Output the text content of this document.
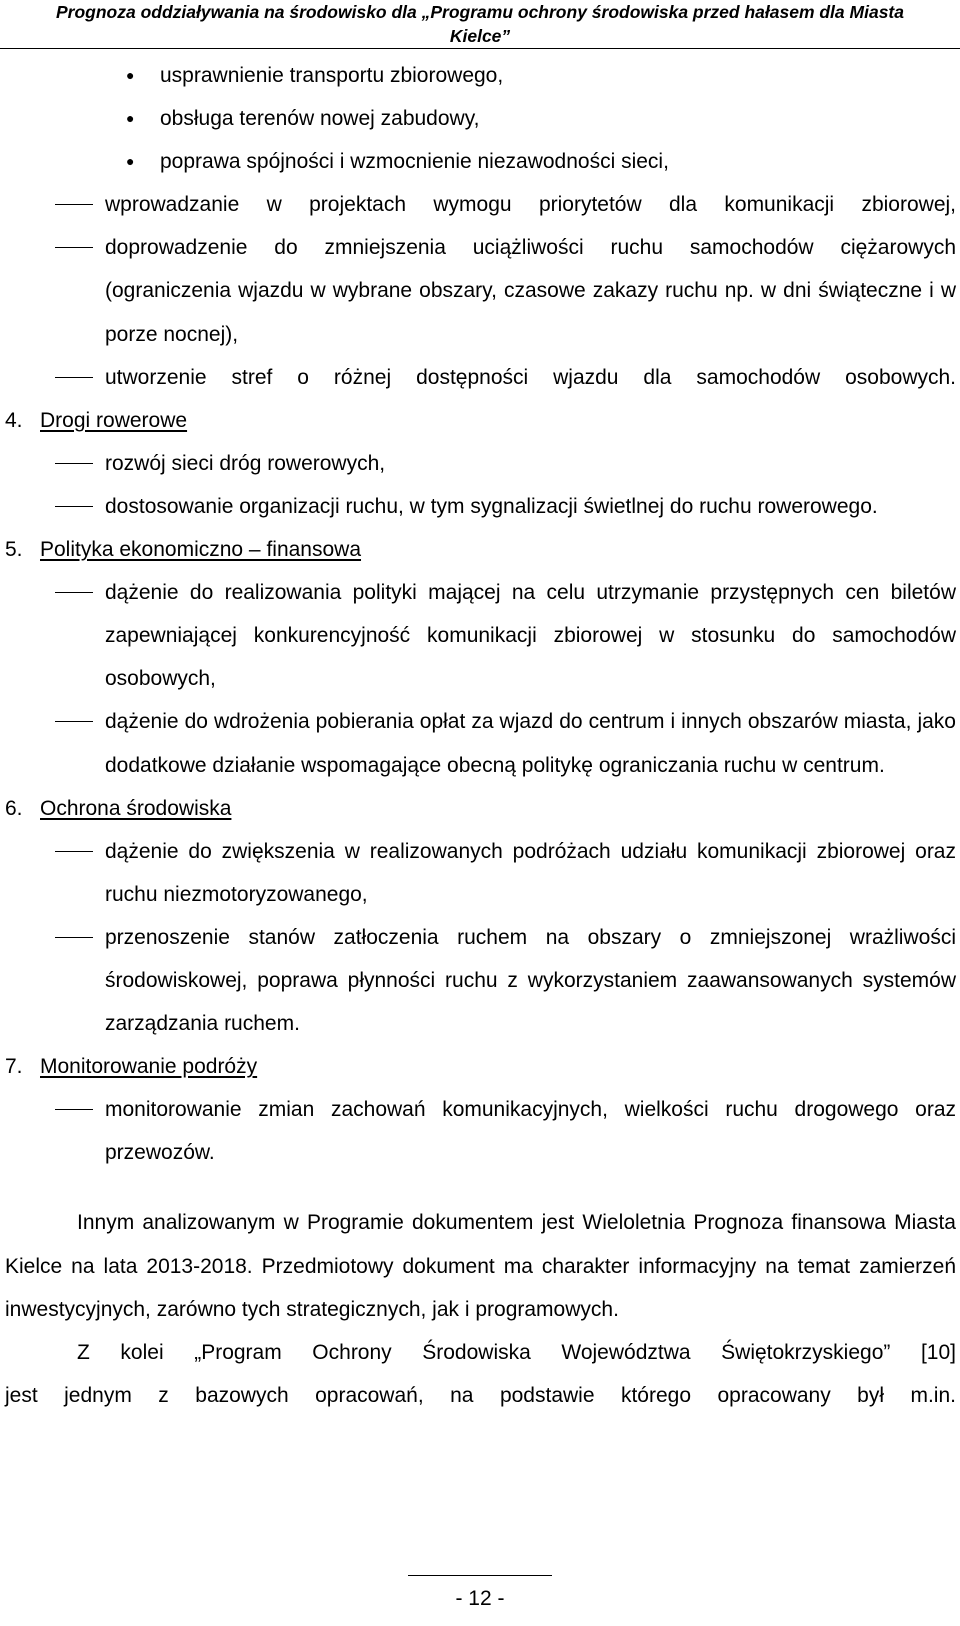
Prognoza oddziaływania na środowisko dla „Programu ochrony środowiska przed hałasem dla Miasta
Kielce”
● usprawnienie transportu zbiorowego,
● obsługa terenów nowej zabudowy,
● poprawa spójności i wzmocnienie niezawodności sieci,
wprowadzanie w projektach wymogu priorytetów dla komunikacji zbiorowej,
doprowadzenie do zmniejszenia uciążliwości ruchu samochodów ciężarowych (ograniczenia wjazdu w wybrane obszary, czasowe zakazy ruchu np. w dni świąteczne i w porze nocnej),
utworzenie stref o różnej dostępności wjazdu dla samochodów osobowych.
4. Drogi rowerowe
rozwój sieci dróg rowerowych,
dostosowanie organizacji ruchu, w tym sygnalizacji świetlnej do ruchu rowerowego.
5. Polityka ekonomiczno – finansowa
dążenie do realizowania polityki mającej na celu utrzymanie przystępnych cen biletów zapewniającej konkurencyjność komunikacji zbiorowej w stosunku do samochodów osobowych,
dążenie do wdrożenia pobierania opłat za wjazd do centrum i innych obszarów miasta, jako dodatkowe działanie wspomagające obecną politykę ograniczania ruchu w centrum.
6. Ochrona środowiska
dążenie do zwiększenia w realizowanych podróżach udziału komunikacji zbiorowej oraz ruchu niezmotoryzowanego,
przenoszenie stanów zatłoczenia ruchem na obszary o zmniejszonej wrażliwości środowiskowej, poprawa płynności ruchu z wykorzystaniem zaawansowanych systemów zarządzania ruchem.
7. Monitorowanie podróży
monitorowanie zmian zachowań komunikacyjnych, wielkości ruchu drogowego oraz przewozów.
Innym analizowanym w Programie dokumentem jest Wieloletnia Prognoza finansowa Miasta Kielce na lata 2013-2018. Przedmiotowy dokument ma charakter informacyjny na temat zamierzeń inwestycyjnych, zarówno tych strategicznych, jak i programowych.
Z kolei „Program Ochrony Środowiska Województwa Świętokrzyskiego” [10]
jest jednym z bazowych opracowań, na podstawie którego opracowany był m.in.
- 12 -
